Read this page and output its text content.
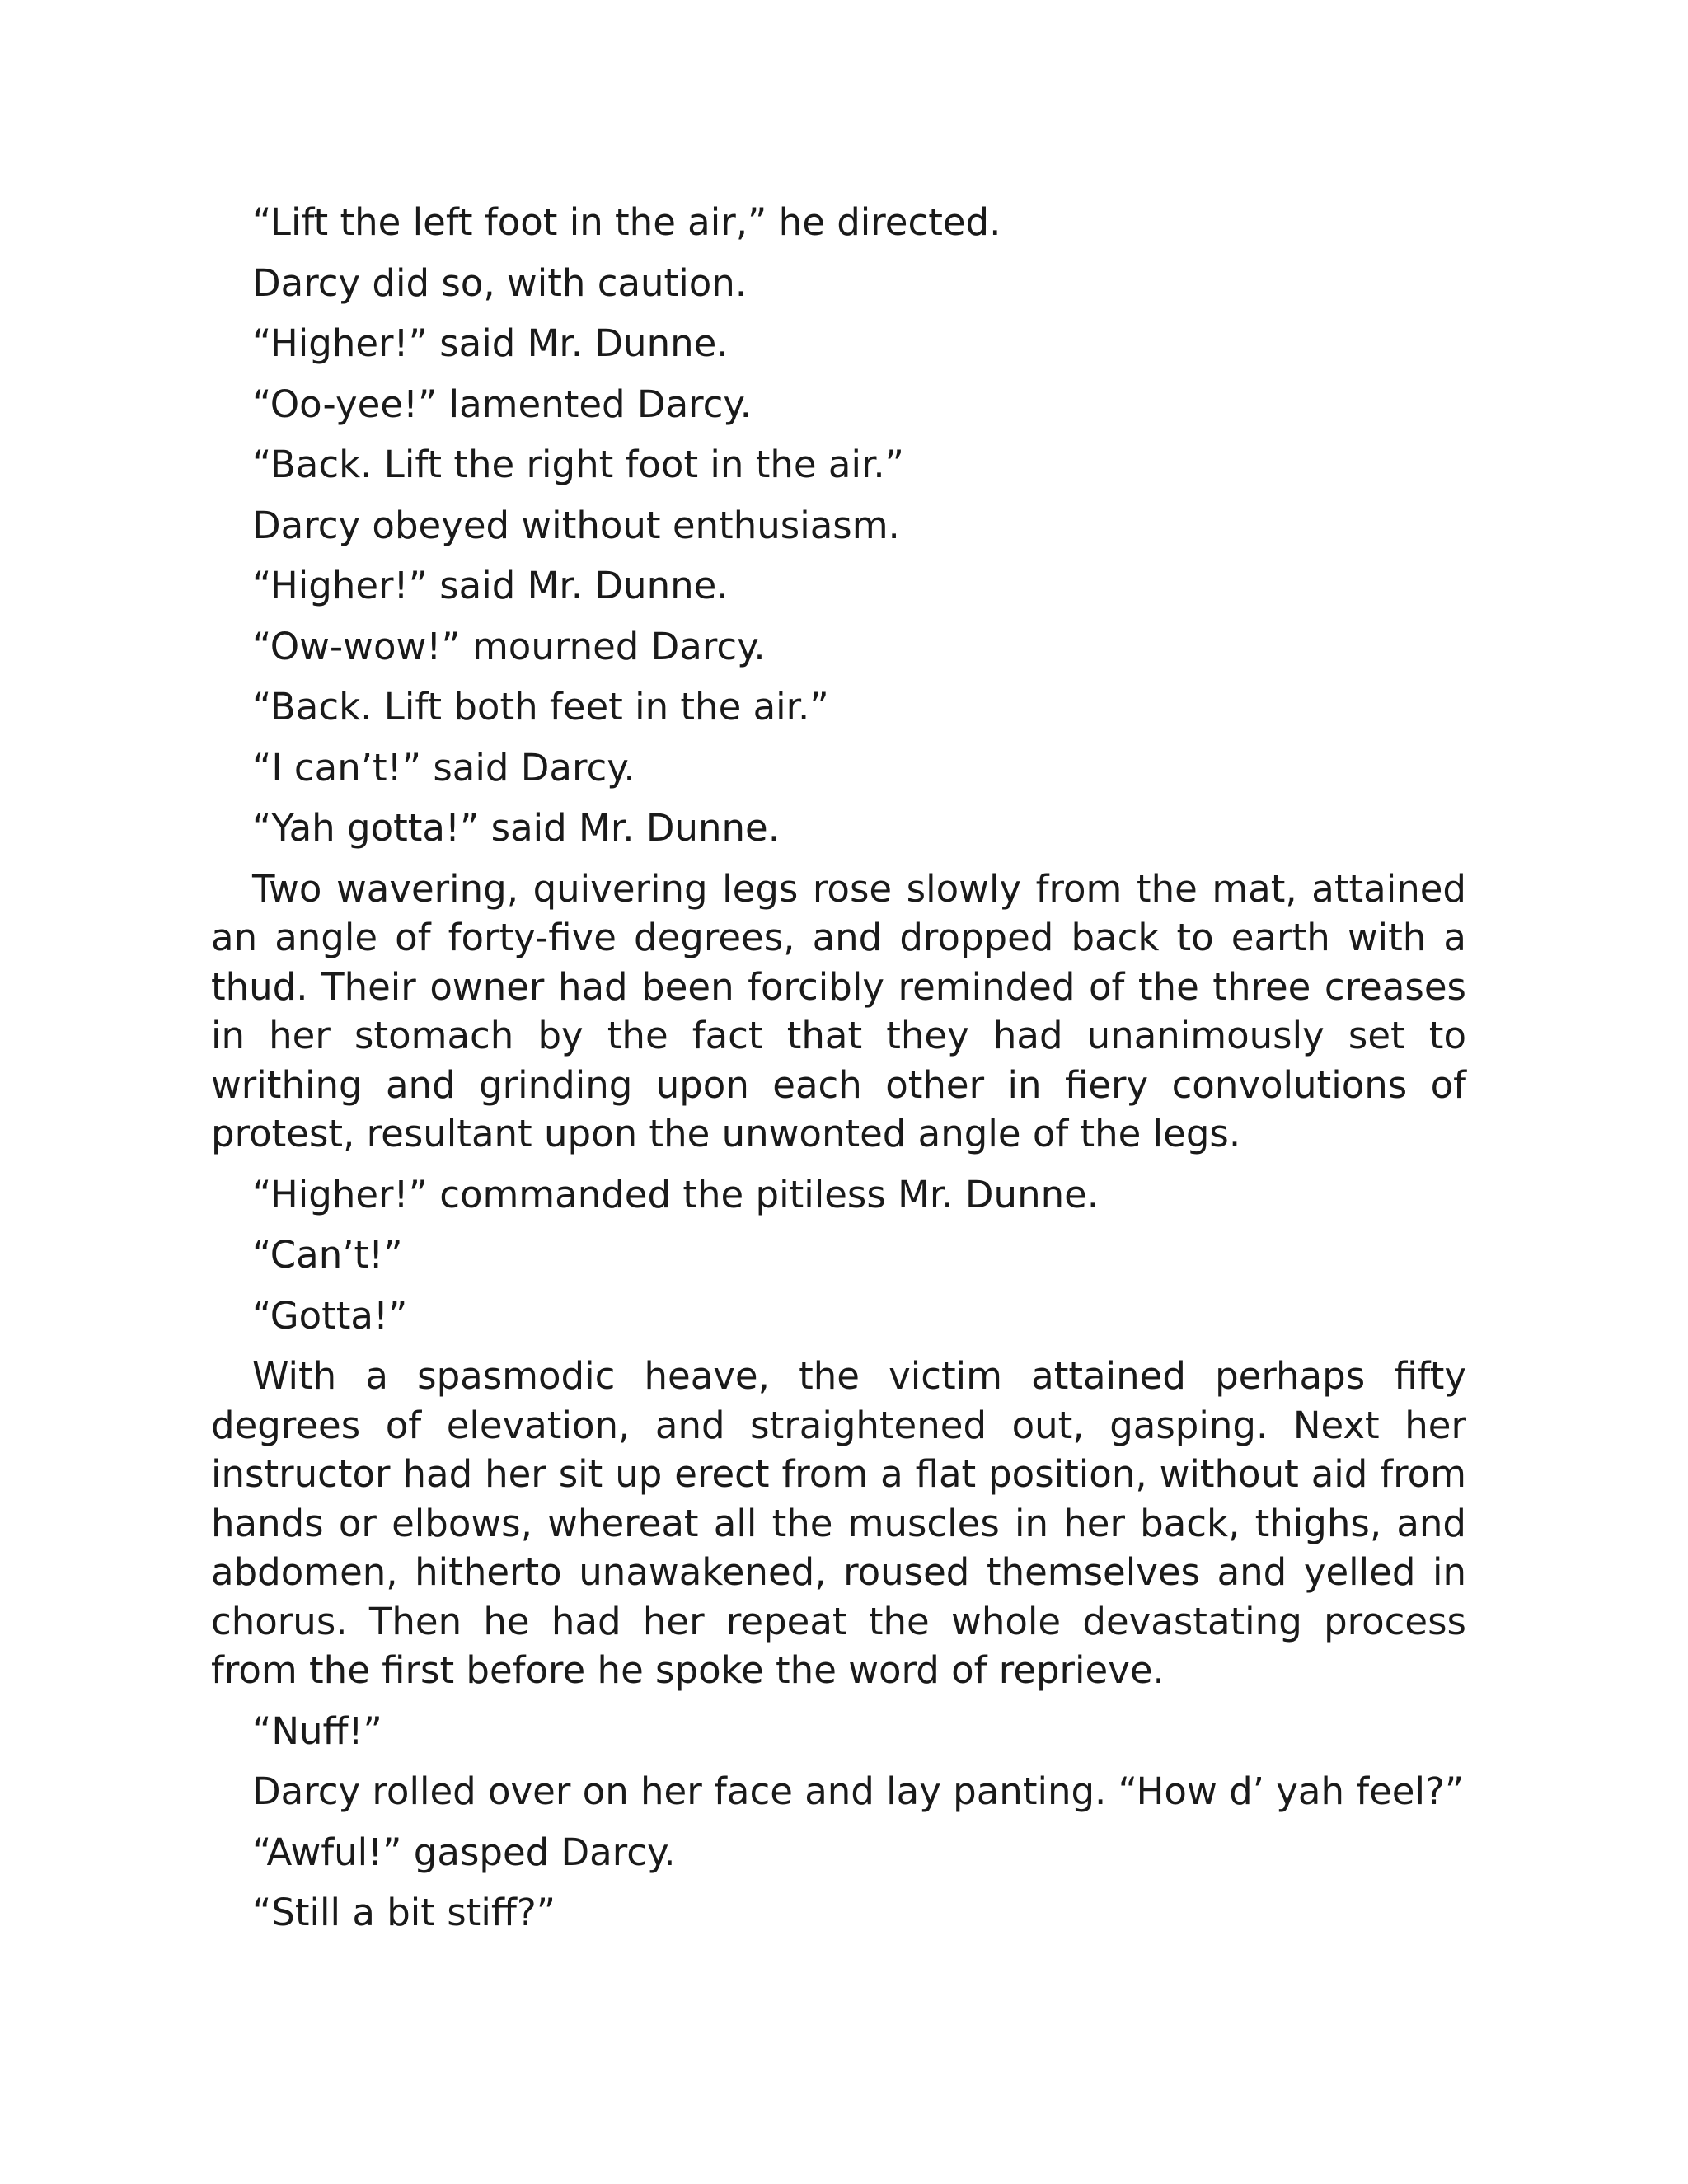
“Lift the left foot in the air,” he directed.

Darcy did so, with caution.

“Higher!” said Mr. Dunne.

“Oo-yee!” lamented Darcy.

“Back. Lift the right foot in the air.”

Darcy obeyed without enthusiasm.

“Higher!” said Mr. Dunne.

“Ow-wow!” mourned Darcy.

“Back. Lift both feet in the air.”

“I can’t!” said Darcy.

“Yah gotta!” said Mr. Dunne.

Two wavering, quivering legs rose slowly from the mat, attained an angle of forty-five degrees, and dropped back to earth with a thud. Their owner had been forcibly reminded of the three creases in her stomach by the fact that they had unanimously set to writhing and grinding upon each other in fiery convolutions of protest, resultant upon the unwonted angle of the legs.

“Higher!” commanded the pitiless Mr. Dunne.

“Can’t!”

“Gotta!”

With a spasmodic heave, the victim attained perhaps fifty degrees of elevation, and straightened out, gasping. Next her instructor had her sit up erect from a flat position, without aid from hands or elbows, whereat all the muscles in her back, thighs, and abdomen, hitherto unawakened, roused themselves and yelled in chorus. Then he had her repeat the whole devastating process from the first before he spoke the word of reprieve.

“Nuff!”

Darcy rolled over on her face and lay panting. “How d’ yah feel?”

“Awful!” gasped Darcy.

“Still a bit stiff?”
